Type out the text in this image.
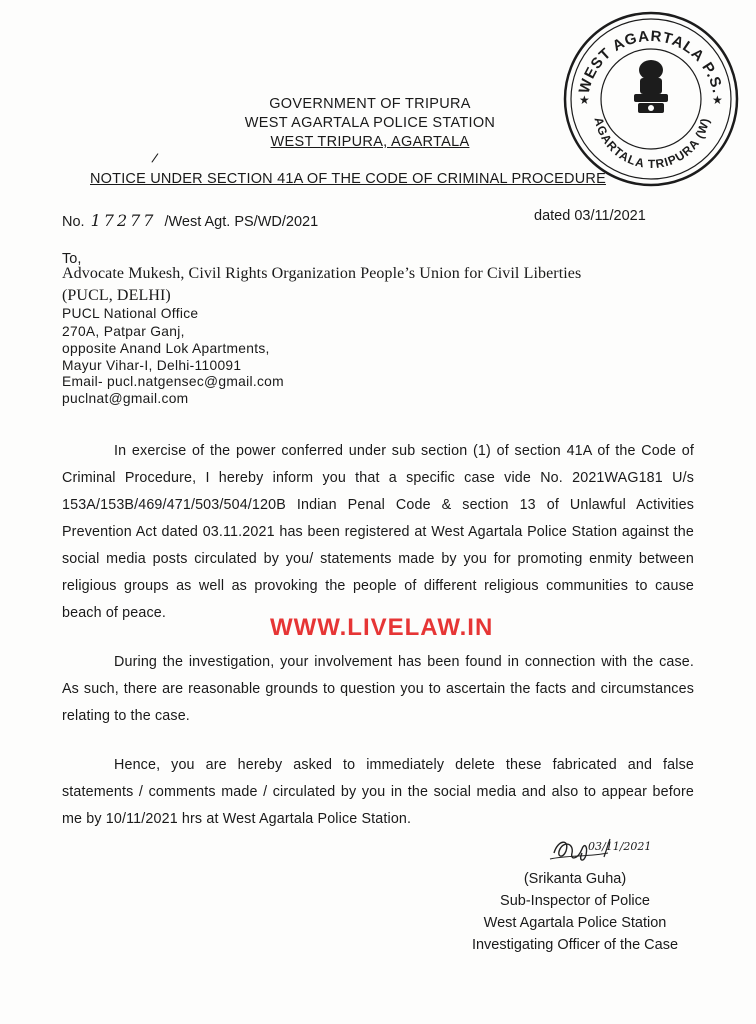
GOVERNMENT OF TRIPURA
WEST AGARTALA POLICE STATION
WEST TRIPURA, AGARTALA
/
NOTICE UNDER SECTION 41A OF THE CODE OF CRIMINAL PROCEDURE
No. 17277 /West Agt. PS/WD/2021	dated 03/11/2021
To,
Advocate Mukesh, Civil Rights Organization People’s Union for Civil Liberties
(PUCL, DELHI)
PUCL National Office
270A, Patpar Ganj,
opposite Anand Lok Apartments,
Mayur Vihar-I, Delhi-110091
Email- pucl.natgensec@gmail.com
puclnat@gmail.com
In exercise of the power conferred under sub section (1) of section 41A of the Code of Criminal Procedure, I hereby inform you that a specific case vide No. 2021WAG181 U/s 153A/153B/469/471/503/504/120B Indian Penal Code & section 13 of Unlawful Activities Prevention Act dated 03.11.2021 has been registered at West Agartala Police Station against the social media posts circulated by you/ statements made by you for promoting enmity between religious groups as well as provoking the people of different religious communities to cause beach of peace.
During the investigation, your involvement has been found in connection with the case. As such, there are reasonable grounds to question you to ascertain the facts and circumstances relating to the case.
Hence, you are hereby asked to immediately delete these fabricated and false statements / comments made / circulated by you in the social media and also to appear before me by 10/11/2021 hrs at West Agartala Police Station.
WWW.LIVELAW.IN
03/11/2021
(Srikanta Guha)
Sub-Inspector of Police
West Agartala Police Station
Investigating Officer of the Case
WEST AGARTALA P.S.
AGARTALA TRIPURA (W)
★	★
